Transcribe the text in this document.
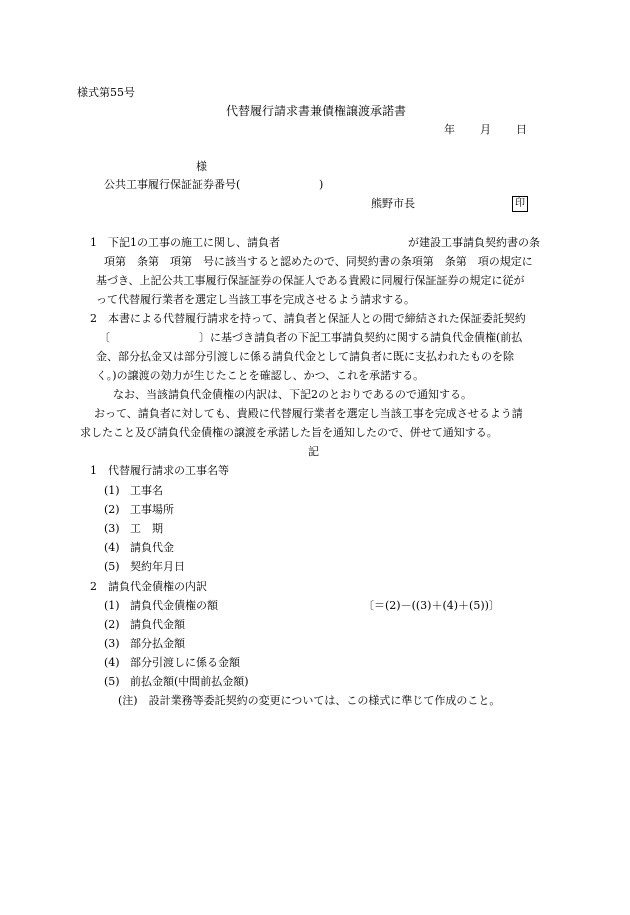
様式第55号
代替履行請求書兼債権譲渡承諾書
年 月 日
様
公共工事履行保証証券番号(	)
熊野市長	印
1　下記1の工事の施工に関し、請負者	が建設工事請負契約書の条
項第　条第　項第　号に該当すると認めたので、同契約書の条項第　条第　項の規定に
基づき、上記公共工事履行保証証券の保証人である貴殿に同履行保証証券の規定に従が
って代替履行業者を選定し当該工事を完成させるよう請求する。
2　本書による代替履行請求を持って、請負者と保証人との間で締結された保証委託契約
〔	〕に基づき請負者の下記工事請負契約に関する請負代金債権(前払
金、部分払金又は部分引渡しに係る請負代金として請負者に既に支払われたものを除
く。)の譲渡の効力が生じたことを確認し、かつ、これを承諾する。
なお、当該請負代金債権の内訳は、下記2のとおりであるので通知する。
おって、請負者に対しても、貴殿に代替履行業者を選定し当該工事を完成させるよう請
求したこと及び請負代金債権の譲渡を承諾した旨を通知したので、併せて通知する。
記
1　代替履行請求の工事名等
(1) 工事名
(2) 工事場所
(3) 工　期
(4) 請負代金
(5) 契約年月日
2　請負代金債権の内訳
(1) 請負代金債権の額	〔＝(2)－((3)＋(4)＋(5))〕
(2) 請負代金額
(3) 部分払金額
(4) 部分引渡しに係る金額
(5) 前払金額(中間前払金額)
(注)　設計業務等委託契約の変更については、この様式に準じて作成のこと。
